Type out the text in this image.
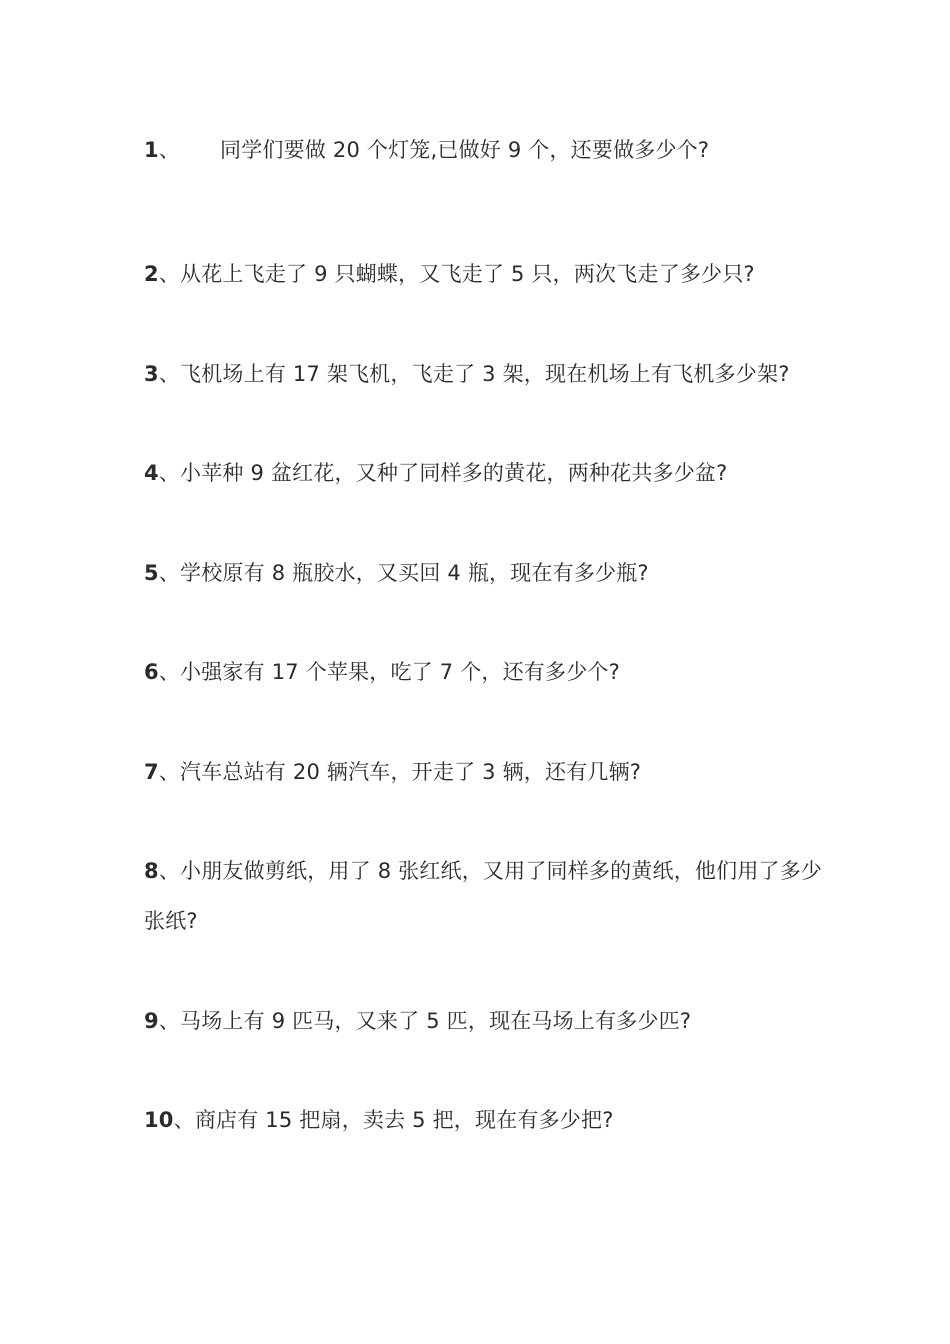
1、 同学们要做 20 个灯笼,已做好 9 个，还要做多少个?
2、从花上飞走了 9 只蝴蝶，又飞走了 5 只，两次飞走了多少只?
3、飞机场上有 17 架飞机，飞走了 3 架，现在机场上有飞机多少架?
4、小苹种 9 盆红花，又种了同样多的黄花，两种花共多少盆?
5、学校原有 8 瓶胶水，又买回 4 瓶，现在有多少瓶?
6、小强家有 17 个苹果，吃了 7 个，还有多少个?
7、汽车总站有 20 辆汽车，开走了 3 辆，还有几辆?
8、小朋友做剪纸，用了 8 张红纸，又用了同样多的黄纸，他们用了多少张纸?
9、马场上有 9 匹马，又来了 5 匹，现在马场上有多少匹?
10、商店有 15 把扇，卖去 5 把，现在有多少把?
